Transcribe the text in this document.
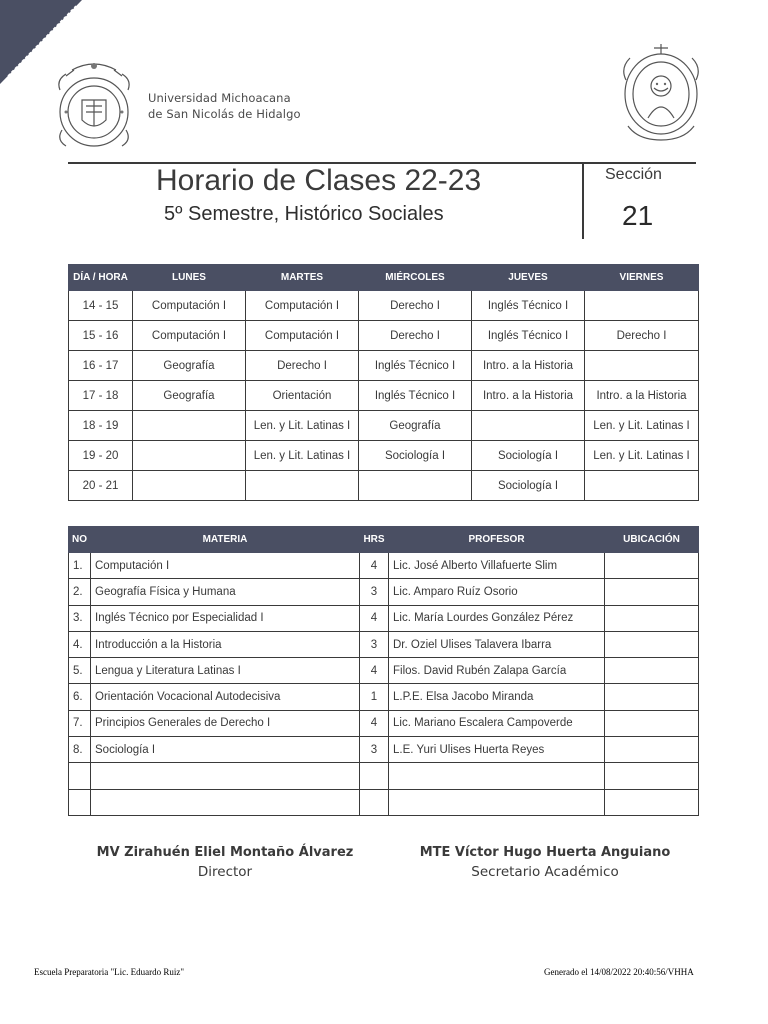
Universidad Michoacana
de San Nicolás de Hidalgo
Horario de Clases 22-23
5º Semestre, Histórico Sociales
Sección
21
DÍA / HORA	LUNES	MARTES	MIÉRCOLES	JUEVES	VIERNES
14 - 15	Computación I	Computación I	Derecho I	Inglés Técnico I	
15 - 16	Computación I	Computación I	Derecho I	Inglés Técnico I	Derecho I
16 - 17	Geografía	Derecho I	Inglés Técnico I	Intro. a la Historia	
17 - 18	Geografía	Orientación	Inglés Técnico I	Intro. a la Historia	Intro. a la Historia
18 - 19		Len. y Lit. Latinas I	Geografía		Len. y Lit. Latinas I
19 - 20		Len. y Lit. Latinas I	Sociología I	Sociología I	Len. y Lit. Latinas I
20 - 21				Sociología I	
NO	MATERIA	HRS	PROFESOR	UBICACIÓN
1.	Computación I	4	Lic. José Alberto Villafuerte Slim	
2.	Geografía Física y Humana	3	Lic. Amparo Ruíz Osorio	
3.	Inglés Técnico por Especialidad I	4	Lic. María Lourdes González Pérez	
4.	Introducción a la Historia	3	Dr. Oziel Ulises Talavera Ibarra	
5.	Lengua y Literatura Latinas I	4	Filos. David Rubén Zalapa García	
6.	Orientación Vocacional Autodecisiva	1	L.P.E. Elsa Jacobo Miranda	
7.	Principios Generales de Derecho I	4	Lic. Mariano Escalera Campoverde	
8.	Sociología I	3	L.E. Yuri Ulises Huerta Reyes	

MV Zirahuén Eliel Montaño Álvarez
Director
MTE Víctor Hugo Huerta Anguiano
Secretario Académico
Escuela Preparatoria "Lic. Eduardo Ruiz"	Generado el 14/08/2022 20:40:56/VHHA
